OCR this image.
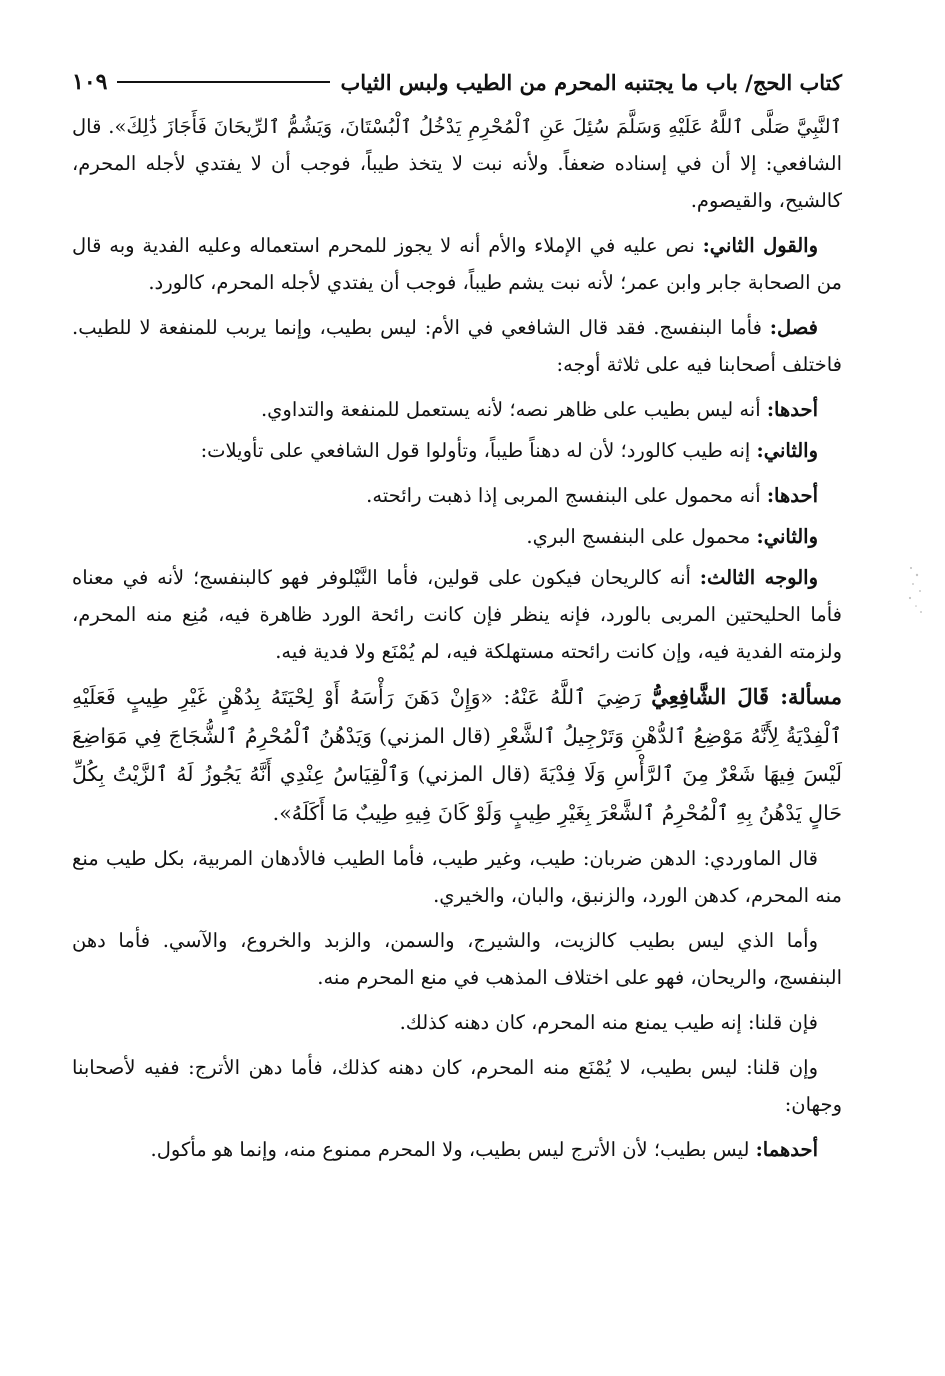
كتاب الحج/ باب ما يجتنبه المحرم من الطيب ولبس الثياب
١٠٩

ٱلنَّبِيَّ صَلَّى ٱللَّهُ عَلَيْهِ وَسَلَّمَ سُئِلَ عَنِ ٱلْمُحْرِمِ يَدْخُلُ ٱلْبُسْتَانَ، وَيَشُمُّ ٱلرِّيحَانَ فَأَجَازَ ذَٰلِكَ». قال الشافعي: إلا أن في إسناده ضعفاً. ولأنه نبت لا يتخذ طيباً، فوجب أن لا يفتدي لأجله المحرم، كالشيح، والقيصوم.

والقول الثاني: نص عليه في الإملاء والأم أنه لا يجوز للمحرم استعماله وعليه الفدية وبه قال من الصحابة جابر وابن عمر؛ لأنه نبت يشم طيباً، فوجب أن يفتدي لأجله المحرم، كالورد.

فصل: فأما البنفسج. فقد قال الشافعي في الأم: ليس بطيب، وإنما يربب للمنفعة لا للطيب. فاختلف أصحابنا فيه على ثلاثة أوجه:

أحدها: أنه ليس بطيب على ظاهر نصه؛ لأنه يستعمل للمنفعة والتداوي.

والثاني: إنه طيب كالورد؛ لأن له دهناً طيباً، وتأولوا قول الشافعي على تأويلات:

أحدها: أنه محمول على البنفسج المربى إذا ذهبت رائحته.

والثاني: محمول على البنفسج البري.

والوجه الثالث: أنه كالريحان فيكون على قولين، فأما النَّيْلوفر فهو كالبنفسج؛ لأنه في معناه فأما الحليحتين المربى بالورد، فإنه ينظر فإن كانت رائحة الورد ظاهرة فيه، مُنِع منه المحرم، ولزمته الفدية فيه، وإن كانت رائحته مستهلكة فيه، لم يُمْنَع ولا فدية فيه.

مسألة: قَالَ الشَّافِعِيُّ رَضِيَ ٱللَّهُ عَنْهُ: «وَإِنْ دَهَنَ رَأْسَهُ أَوْ لِحْيَتَهُ بِدُهْنٍ غَيْرِ طِيبٍ فَعَلَيْهِ ٱلْفِدْيَةُ لِأَنَّهُ مَوْضِعُ ٱلدُّهْنِ وَتَرْجِيلُ ٱلشَّعْرِ (قال المزني) وَيَدْهُنُ ٱلْمُحْرِمُ ٱلشُّجَاجَ فِي مَوَاضِعَ لَيْسَ فِيهَا شَعْرٌ مِنَ ٱلرَّأْسِ وَلَا فِدْيَةَ (قال المزني) وَٱلْقِيَاسُ عِنْدِي أَنَّهُ يَجُوزُ لَهُ ٱلزَّيْتُ بِكُلِّ حَالٍ يَدْهُنُ بِهِ ٱلْمُحْرِمُ ٱلشَّعْرَ بِغَيْرِ طِيبٍ وَلَوْ كَانَ فِيهِ طِيبٌ مَا أَكَلَهُ».

قال الماوردي: الدهن ضربان: طيب، وغير طيب، فأما الطيب فالأدهان المربية، بكل طيب منع منه المحرم، كدهن الورد، والزنبق، والبان، والخيري.

وأما الذي ليس بطيب كالزيت، والشيرج، والسمن، والزبد والخروع، والآسي. فأما دهن البنفسج، والريحان، فهو على اختلاف المذهب في منع المحرم منه.

فإن قلنا: إنه طيب يمنع منه المحرم، كان دهنه كذلك.

وإن قلنا: ليس بطيب، لا يُمْنَع منه المحرم، كان دهنه كذلك، فأما دهن الأترج: ففيه لأصحابنا وجهان:

أحدهما: ليس بطيب؛ لأن الأترج ليس بطيب، ولا المحرم ممنوع منه، وإنما هو مأكول.
